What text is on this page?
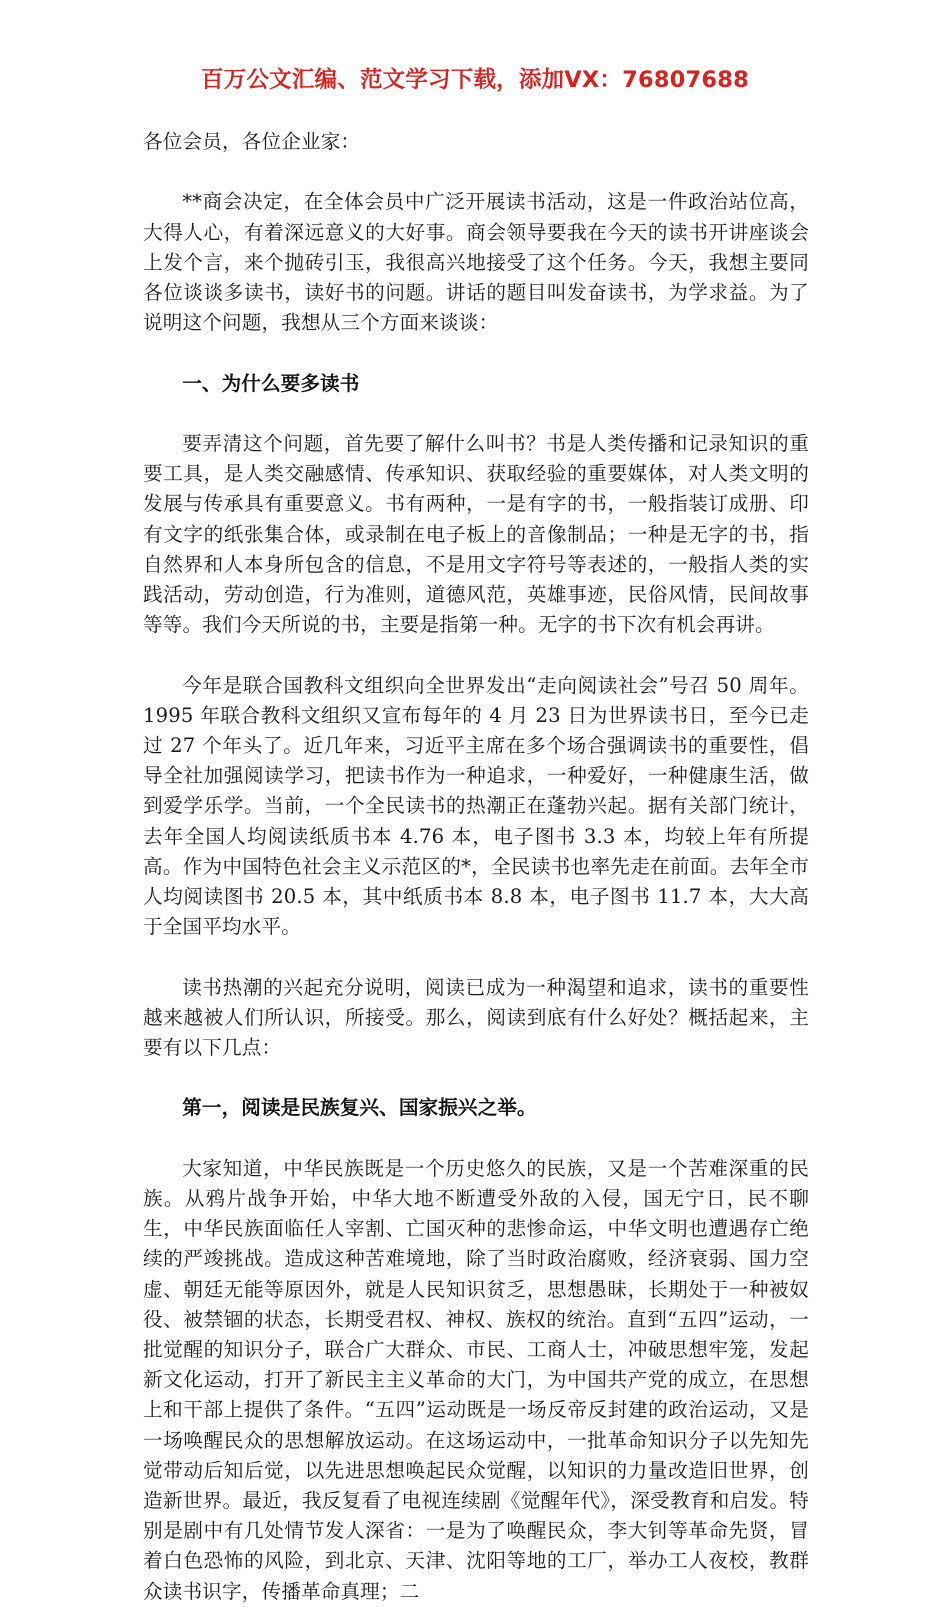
百万公文汇编、范文学习下载，添加VX：76807688

各位会员，各位企业家：

**商会决定，在全体会员中广泛开展读书活动，这是一件政治站位高，大得人心，有着深远意义的大好事。商会领导要我在今天的读书开讲座谈会上发个言，来个抛砖引玉，我很高兴地接受了这个任务。今天，我想主要同各位谈谈多读书，读好书的问题。讲话的题目叫发奋读书，为学求益。为了说明这个问题，我想从三个方面来谈谈：

一、为什么要多读书

要弄清这个问题，首先要了解什么叫书？书是人类传播和记录知识的重要工具，是人类交融感情、传承知识、获取经验的重要媒体，对人类文明的发展与传承具有重要意义。书有两种，一是有字的书，一般指装订成册、印有文字的纸张集合体，或录制在电子板上的音像制品；一种是无字的书，指自然界和人本身所包含的信息，不是用文字符号等表述的，一般指人类的实践活动，劳动创造，行为准则，道德风范，英雄事迹，民俗风情，民间故事等等。我们今天所说的书，主要是指第一种。无字的书下次有机会再讲。

今年是联合国教科文组织向全世界发出“走向阅读社会”号召 50 周年。1995 年联合教科文组织又宣布每年的 4 月 23 日为世界读书日，至今已走过 27 个年头了。近几年来，习近平主席在多个场合强调读书的重要性，倡导全社加强阅读学习，把读书作为一种追求，一种爱好，一种健康生活，做到爱学乐学。当前，一个全民读书的热潮正在蓬勃兴起。据有关部门统计，去年全国人均阅读纸质书本 4.76 本，电子图书 3.3 本，均较上年有所提高。作为中国特色社会主义示范区的*，全民读书也率先走在前面。去年全市人均阅读图书 20.5 本，其中纸质书本 8.8 本，电子图书 11.7 本，大大高于全国平均水平。

读书热潮的兴起充分说明，阅读已成为一种渴望和追求，读书的重要性越来越被人们所认识，所接受。那么，阅读到底有什么好处？概括起来，主要有以下几点：

第一，阅读是民族复兴、国家振兴之举。

大家知道，中华民族既是一个历史悠久的民族，又是一个苦难深重的民族。从鸦片战争开始，中华大地不断遭受外敌的入侵，国无宁日，民不聊生，中华民族面临任人宰割、亡国灭种的悲惨命运，中华文明也遭遇存亡绝续的严竣挑战。造成这种苦难境地，除了当时政治腐败，经济衰弱、国力空虚、朝廷无能等原因外，就是人民知识贫乏，思想愚昧，长期处于一种被奴役、被禁锢的状态，长期受君权、神权、族权的统治。直到“五四”运动，一批觉醒的知识分子，联合广大群众、市民、工商人士，冲破思想牢笼，发起新文化运动，打开了新民主主义革命的大门，为中国共产党的成立，在思想上和干部上提供了条件。“五四”运动既是一场反帝反封建的政治运动，又是一场唤醒民众的思想解放运动。在这场运动中，一批革命知识分子以先知先觉带动后知后觉，以先进思想唤起民众觉醒，以知识的力量改造旧世界，创造新世界。最近，我反复看了电视连续剧《觉醒年代》，深受教育和启发。特别是剧中有几处情节发人深省：一是为了唤醒民众，李大钊等革命先贤，冒着白色恐怖的风险，到北京、天津、沈阳等地的工厂，举办工人夜校，教群众读书识字，传播革命真理；二
